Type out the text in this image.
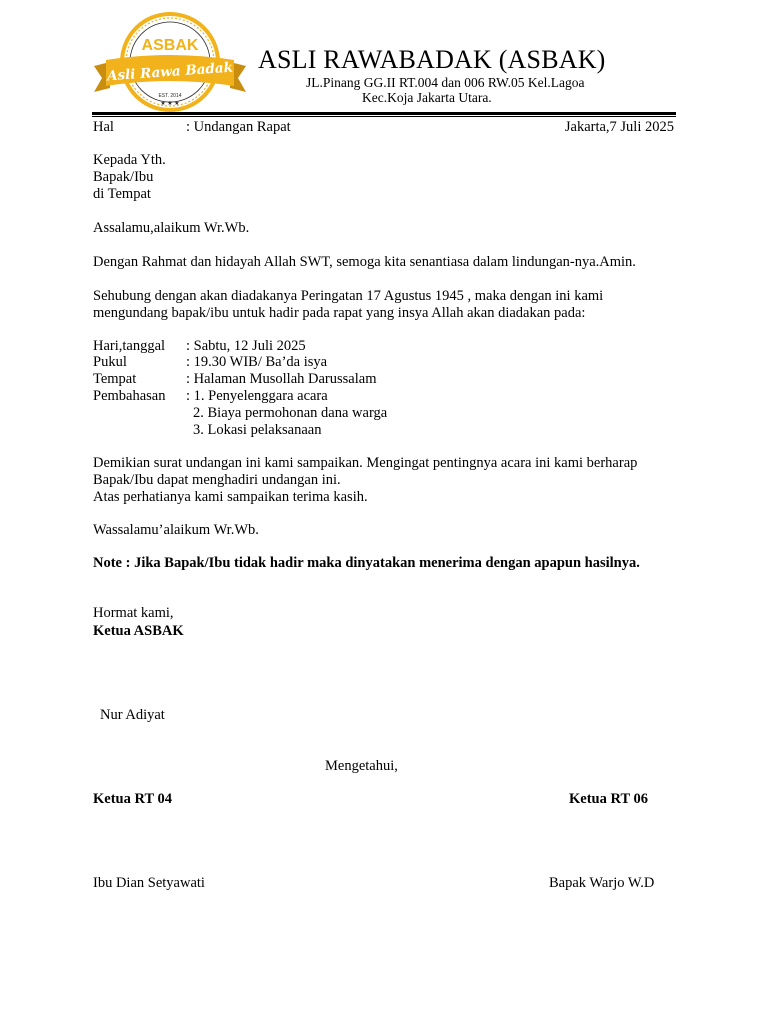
ASBAK
Asli Rawa Badak
EST. 2014
★ ★ ★
ASLI RAWABADAK (ASBAK)
JL.Pinang GG.II RT.004 dan 006 RW.05 Kel.Lagoa
Kec.Koja Jakarta Utara.
Hal	: Undangan Rapat	Jakarta,7 Juli 2025
Kepada Yth.
Bapak/Ibu
di Tempat
Assalamu,alaikum Wr.Wb.
Dengan Rahmat dan hidayah Allah SWT, semoga kita senantiasa dalam lindungan-nya.Amin.
Sehubung dengan akan diadakanya Peringatan 17 Agustus 1945 , maka dengan ini kami
mengundang bapak/ibu untuk hadir pada rapat yang insya Allah akan diadakan pada:
Hari,tanggal : Sabtu, 12 Juli 2025
Pukul	: 19.30 WIB/ Ba’da isya
Tempat	: Halaman Musollah Darussalam
Pembahasan : 1. Penyelenggara acara
2. Biaya permohonan dana warga
3. Lokasi pelaksanaan
Demikian surat undangan ini kami sampaikan. Mengingat pentingnya acara ini kami berharap
Bapak/Ibu dapat menghadiri undangan ini.
Atas perhatianya kami sampaikan terima kasih.
Wassalamu’alaikum Wr.Wb.
Note : Jika Bapak/Ibu tidak hadir maka dinyatakan menerima dengan apapun hasilnya.
Hormat kami,
Ketua ASBAK
Nur Adiyat
Mengetahui,
Ketua RT 04	Ketua RT 06
Ibu Dian Setyawati	Bapak Warjo W.D
